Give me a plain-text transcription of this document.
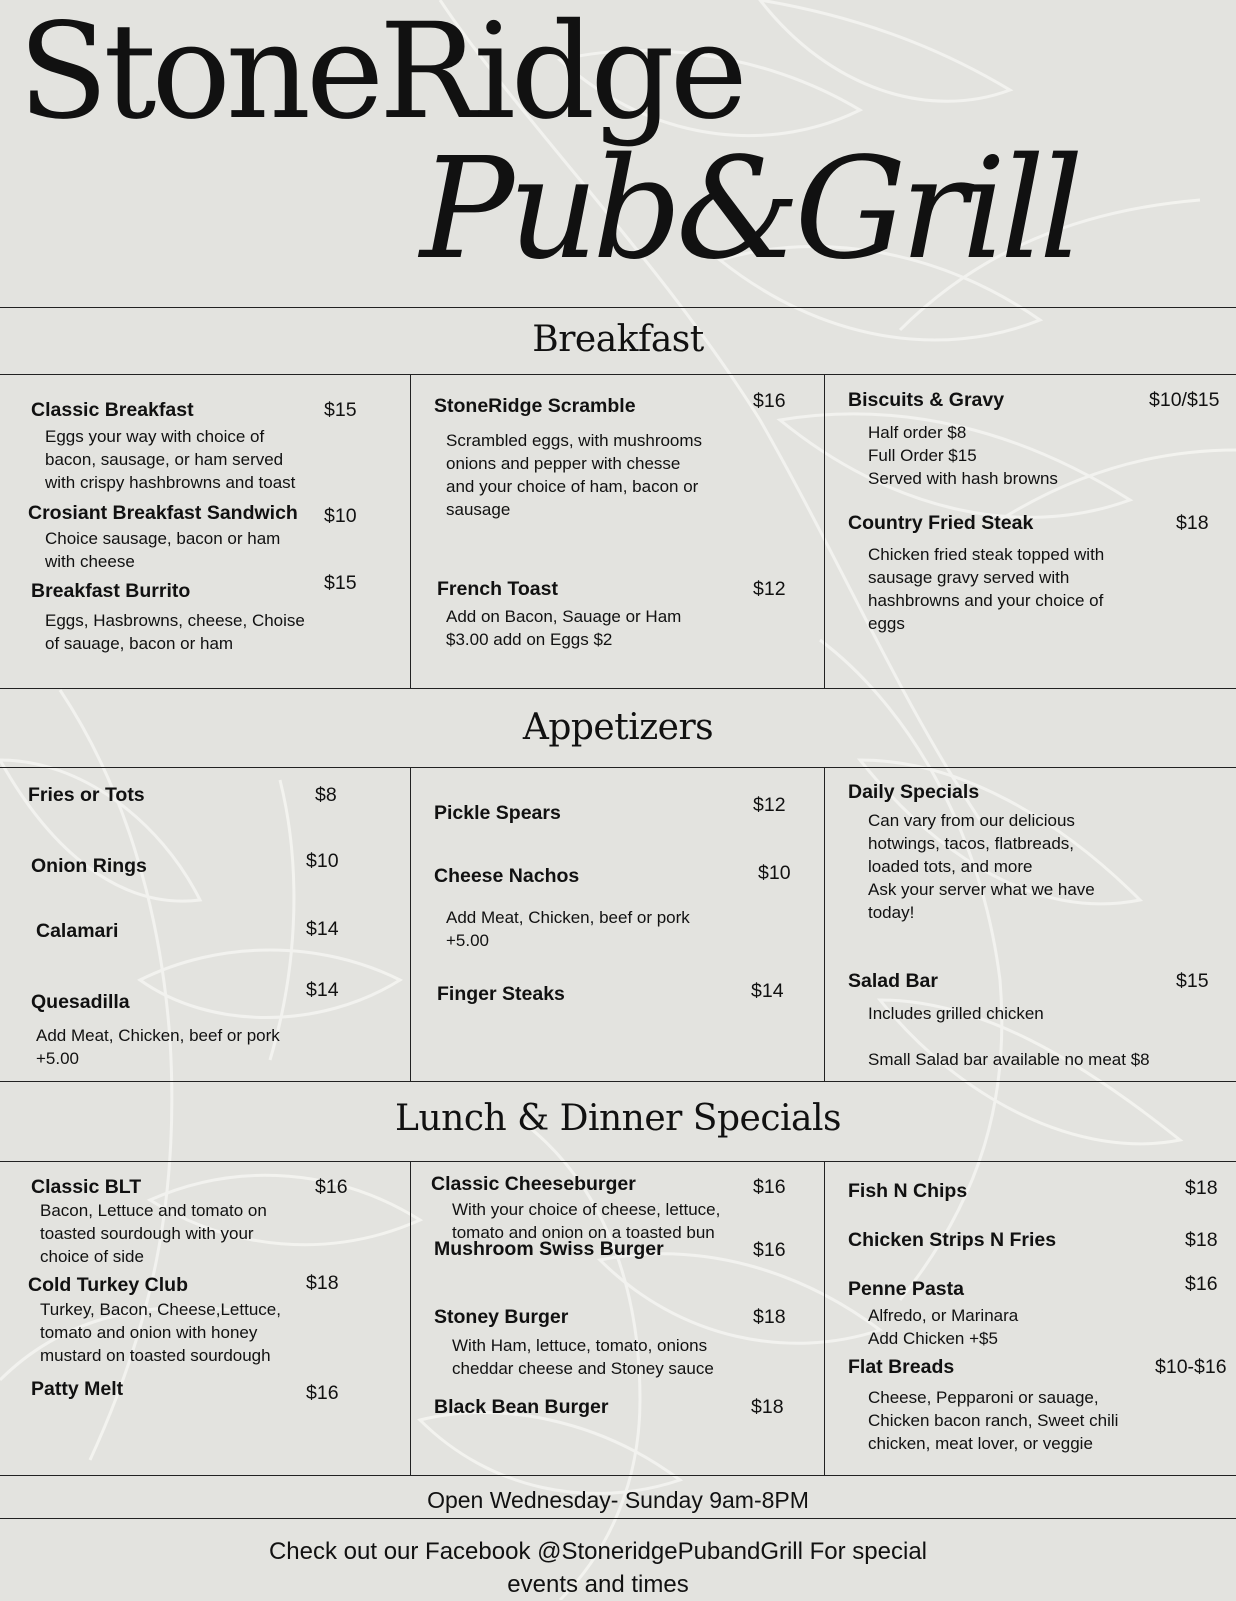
StoneRidge
Pub&Grill
Breakfast
Classic Breakfast	$15
Eggs your way with choice of
bacon, sausage, or ham served
with crispy hashbrowns and toast
Crosiant Breakfast Sandwich $10
Choice sausage, bacon or ham
with cheese
Breakfast Burrito	$15
Eggs, Hasbrowns, cheese, Choise
of sauage, bacon or ham
StoneRidge Scramble	$16
Scrambled eggs, with mushrooms
onions and pepper with chesse
and your choice of ham, bacon or
sausage
French Toast	$12
Add on Bacon, Sauage or Ham
$3.00 add on Eggs $2
Biscuits & Gravy	$10/$15
Half order $8
Full Order $15
Served with hash browns
Country Fried Steak	$18
Chicken fried steak topped with
sausage gravy served with
hashbrowns and your choice of
eggs
Appetizers
Fries or Tots	$8
Onion Rings	$10
Calamari	$14
Quesadilla
$14
Add Meat, Chicken, beef or pork
+5.00
Pickle Spears	$12
Cheese Nachos	$10
Add Meat, Chicken, beef or pork
+5.00
Finger Steaks	$14
Daily Specials
Can vary from our delicious
hotwings, tacos, flatbreads,
loaded tots, and more
Ask your server what we have
today!
Salad Bar	$15
Includes grilled chicken

Small Salad bar available no meat $8
Lunch & Dinner Specials
Classic BLT	$16
Bacon, Lettuce and tomato on
toasted sourdough with your
choice of side
Cold Turkey Club	$18
Turkey, Bacon, Cheese,Lettuce,
tomato and onion with honey
mustard on toasted sourdough
Patty Melt	$16
Classic Cheeseburger	$16
With your choice of cheese, lettuce,
tomato and onion on a toasted bun
Mushroom Swiss Burger	$16
Stoney Burger	$18
With Ham, lettuce, tomato, onions
cheddar cheese and Stoney sauce
Black Bean Burger	$18
Fish N Chips	$18
Chicken Strips N Fries	$18
Penne Pasta	$16
Alfredo, or Marinara
Add Chicken +$5
Flat Breads	$10-$16
Cheese, Pepparoni or sauage,
Chicken bacon ranch, Sweet chili
chicken, meat lover, or veggie
Open Wednesday- Sunday 9am-8PM
Check out our Facebook @StoneridgePubandGrill For special events and times
